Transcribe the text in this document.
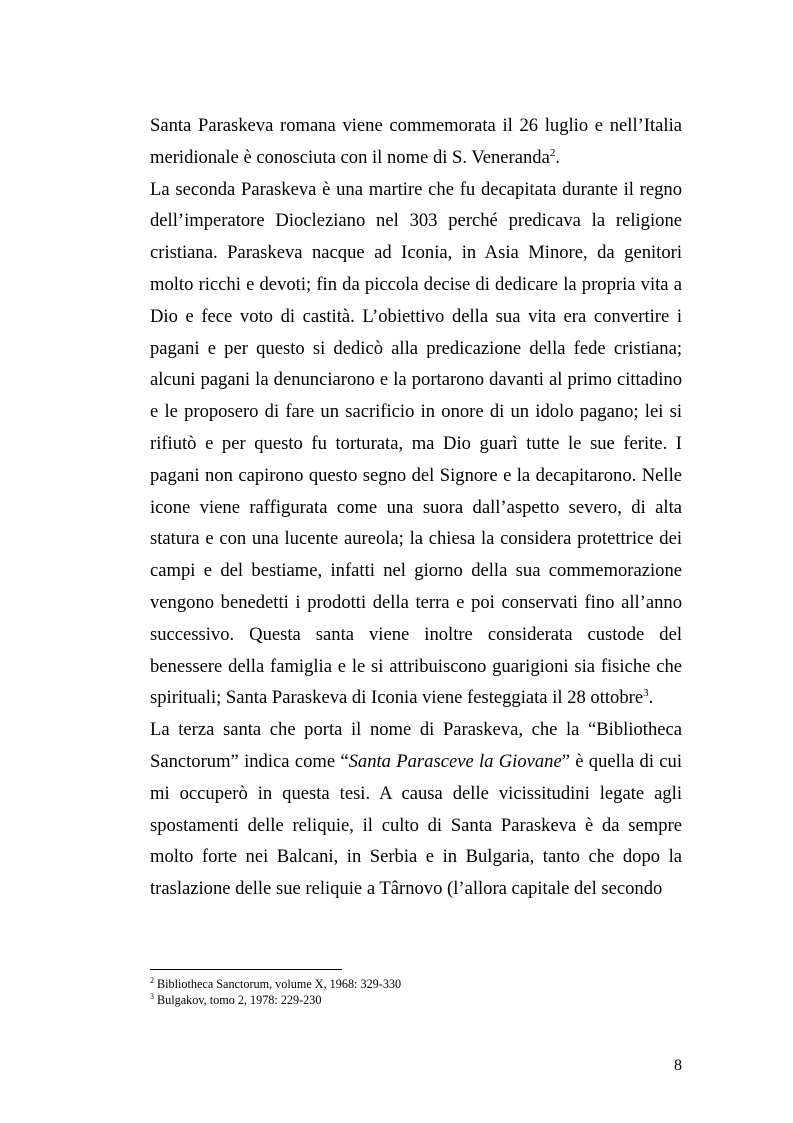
Santa Paraskeva romana viene commemorata il 26 luglio e nell’Italia meridionale è conosciuta con il nome di S. Veneranda$^2$.

La seconda Paraskeva è una martire che fu decapitata durante il regno dell’imperatore Diocleziano nel 303 perché predicava la religione cristiana. Paraskeva nacque ad Iconia, in Asia Minore, da genitori molto ricchi e devoti; fin da piccola decise di dedicare la propria vita a Dio e fece voto di castità. L’obiettivo della sua vita era convertire i pagani e per questo si dedicò alla predicazione della fede cristiana; alcuni pagani la denunciarono e la portarono davanti al primo cittadino e le proposero di fare un sacrificio in onore di un idolo pagano; lei si rifiutò e per questo fu torturata, ma Dio guarì tutte le sue ferite. I pagani non capirono questo segno del Signore e la decapitarono. Nelle icone viene raffigurata come una suora dall’aspetto severo, di alta statura e con una lucente aureola; la chiesa la considera protettrice dei campi e del bestiame, infatti nel giorno della sua commemorazione vengono benedetti i prodotti della terra e poi conservati fino all’anno successivo. Questa santa viene inoltre considerata custode del benessere della famiglia e le si attribuiscono guarigioni sia fisiche che spirituali; Santa Paraskeva di Iconia viene festeggiata il 28 ottobre$^3$.

La terza santa che porta il nome di Paraskeva, che la “Bibliotheca Sanctorum” indica come “Santa Parasceve la Giovane” è quella di cui mi occuperò in questa tesi. A causa delle vicissitudini legate agli spostamenti delle reliquie, il culto di Santa Paraskeva è da sempre molto forte nei Balcani, in Serbia e in Bulgaria, tanto che dopo la traslazione delle sue reliquie a Târnovo (l’allora capitale del secondo

$^2$ Bibliotheca Sanctorum, volume X, 1968: 329-330
$^3$ Bulgakov, tomo 2, 1978: 229-230
8
